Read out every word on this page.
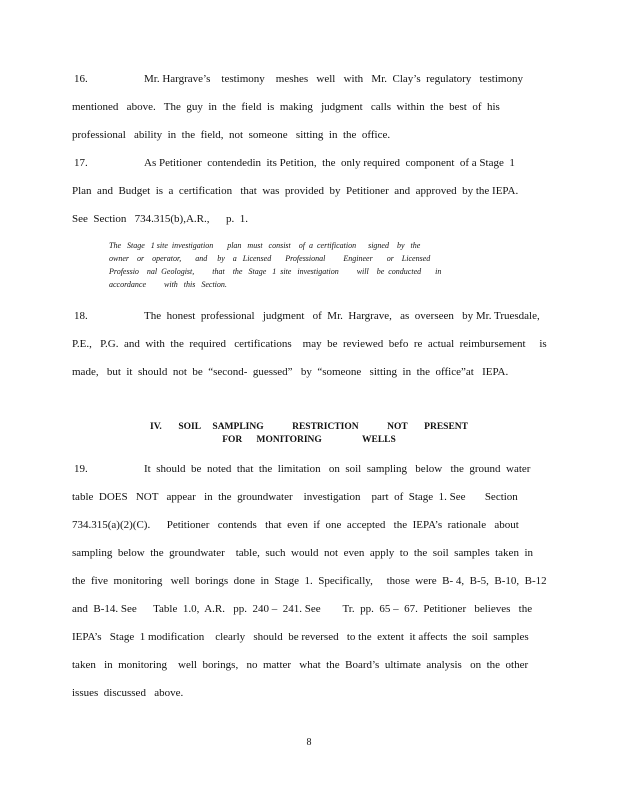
16.	Mr. Hargrave’s    testimony    meshes   well   with   Mr.  Clay’s  regulatory   testimony
mentioned   above.   The  guy  in  the  field  is  making   judgment   calls  within  the  best  of  his
professional   ability  in  the  field,  not  someone   sitting  in  the  office.
17.	As Petitioner  contendedin  its Petition,  the  only required  component  of a Stage  1
Plan  and  Budget  is  a  certification   that  was  provided  by  Petitioner  and  approved  by the IEPA.
See  Section   734.315(b),A.R.,      p.  1.
The   Stage   1 site  investigation       plan   must   consist    of  a  certification      signed    by   the
owner    or    operator,       and     by    a   Licensed       Professional         Engineer       or    Licensed
Professio    nal  Geologist,         that    the   Stage   1  site   investigation         will    be  conducted       in
accordance         with   this   Section.
18.	The  honest  professional   judgment   of  Mr.  Hargrave,   as  overseen   by Mr. Truesdale,
P.E.,   P.G.  and  with  the  required   certifications    may  be  reviewed  befo  re  actual  reimbursement     is
made,   but  it  should  not  be  “second-  guessed”   by  “someone   sitting  in  the  office”at   IEPA.
IV.       SOIL     SAMPLING            RESTRICTION            NOT       PRESENT
FOR      MONITORING                 WELLS
19.	It  should  be  noted  that  the  limitation   on  soil  sampling   below   the  ground  water
table  DOES   NOT   appear   in  the  groundwater    investigation    part  of  Stage  1. See       Section
734.315(a)(2)(C).      Petitioner   contends   that  even  if  one  accepted   the  IEPA’s  rationale   about
sampling  below  the  groundwater    table,  such  would  not  even  apply  to  the  soil  samples  taken  in
the  five  monitoring   well  borings  done  in  Stage  1.  Specifically,     those  were  B- 4,  B-5,  B-10,  B-12
and  B-14. See      Table  1.0,  A.R.   pp.  240 –  241. See        Tr.  pp.  65 –  67.  Petitioner   believes   the
IEPA’s   Stage  1 modification    clearly   should  be reversed   to the  extent  it affects  the  soil  samples
taken   in  monitoring    well  borings,   no  matter   what  the  Board’s  ultimate  analysis   on  the  other
issues  discussed   above.
8
